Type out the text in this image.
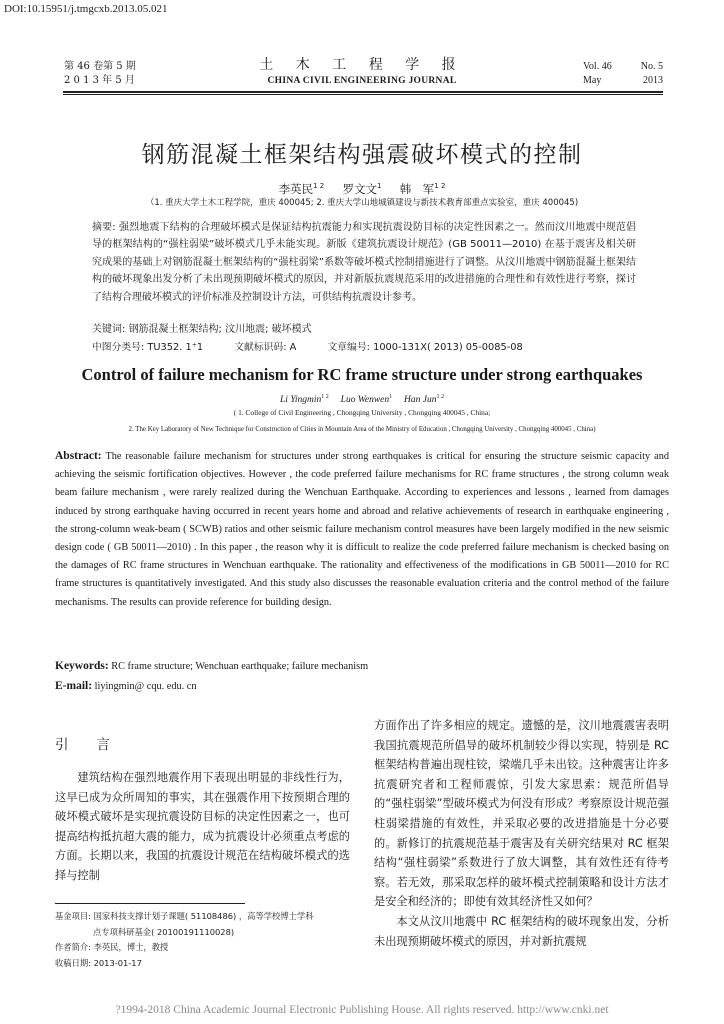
DOI:10.15951/j.tmgcxb.2013.05.021
第 46 卷第 5 期
2 0 1 3 年 5 月
土 木 工 程 学 报
CHINA CIVIL ENGINEERING JOURNAL
Vol. 46	No. 5
May	2013
钢筋混凝土框架结构强震破坏模式的控制
李英民$^{1 2}$ 罗文文$^1$ 韩　军$^{1 2}$
（1. 重庆大学土木工程学院，重庆 400045; 2. 重庆大学山地城镇建设与新技术教育部重点实验室，重庆 400045)
摘要: 强烈地震下结构的合理破坏模式是保证结构抗震能力和实现抗震设防目标的决定性因素之一。然而汶川地震中规范倡导的框架结构的“强柱弱梁”破坏模式几乎未能实现。新版《建筑抗震设计规范》(GB 50011—2010) 在基于震害及相关研究成果的基础上对钢筋混凝土框架结构的“强柱弱梁”系数等破坏模式控制措施进行了调整。从汶川地震中钢筋混凝土框架结构的破坏现象出发分析了未出现预期破坏模式的原因，并对新版抗震规范采用的改进措施的合理性和有效性进行考察，探讨了结构合理破坏模式的评价标准及控制设计方法，可供结构抗震设计参考。
关键词: 钢筋混凝土框架结构; 汶川地震; 破坏模式
中图分类号: TU352. 1⁺1	文献标识码: A	文章编号: 1000-131X( 2013) 05-0085-08
Control of failure mechanism for RC frame structure under strong earthquakes
Li Yingmin$^{1 2}$ Luo Wenwen$^1$ Han Jun$^{1 2}$
( 1. College of Civil Engineering , Chongqing University , Chongqing 400045 , China;
2. The Key Laboratory of New Technique for Construction of Cities in Mountain Area of the Ministry of Education , Chongqing University , Chongqing 400045 , China)
Abstract: The reasonable failure mechanism for structures under strong earthquakes is critical for ensuring the structure seismic capacity and achieving the seismic fortification objectives. However , the code preferred failure mechanisms for RC frame structures , the strong column weak beam failure mechanism , were rarely realized during the Wenchuan Earthquake. According to experiences and lessons , learned from damages induced by strong earthquake having occurred in recent years home and abroad and relative achievements of research in earthquake engineering , the strong-column weak-beam ( SCWB) ratios and other seismic failure mechanism control measures have been largely modified in the new seismic design code ( GB 50011—2010) . In this paper , the reason why it is difficult to realize the code preferred failure mechanism is checked basing on the damages of RC frame structures in Wenchuan earthquake. The rationality and effectiveness of the modifications in GB 50011—2010 for RC frame structures is quantitatively investigated. And this study also discusses the reasonable evaluation criteria and the control method of the failure mechanisms. The results can provide reference for building design.
Keywords: RC frame structure; Wenchuan earthquake; failure mechanism
E-mail: liyingmin@ cqu. edu. cn
引 言

建筑结构在强烈地震作用下表现出明显的非线性行为，这早已成为众所周知的事实，其在强震作用下按预期合理的破坏模式破坏是实现抗震设防目标的决定性因素之一，也可提高结构抵抗超大震的能力，成为抗震设计必须重点考虑的方面。长期以来，我国的抗震设计规范在结构破坏模式的选择与控制

方面作出了许多相应的规定。遗憾的是，汶川地震震害表明我国抗震规范所倡导的破坏机制较少得以实现，特别是 RC 框架结构普遍出现柱铰，梁端几乎未出铰。这种震害让许多抗震研究者和工程师震惊，引发大家思索：规范所倡导的“强柱弱梁”型破坏模式为何没有形成？考察原设计规范强柱弱梁措施的有效性，并采取必要的改进措施是十分必要的。新修订的抗震规范基于震害及有关研究结果对 RC 框架结构“强柱弱梁”系数进行了放大调整，其有效性还有待考察。若无效，那采取怎样的破坏模式控制策略和设计方法才是安全和经济的；即使有效其经济性又如何？

本文从汶川地震中 RC 框架结构的破坏现象出发，分析未出现预期破坏模式的原因，并对新抗震规

基金项目: 国家科技支撑计划子课题( 51108486) ，高等学校博士学科
点专项科研基金( 20100191110028)
作者简介: 李英民，博士，教授
收稿日期: 2013-01-17
?1994-2018 China Academic Journal Electronic Publishing House. All rights reserved. http://www.cnki.net
